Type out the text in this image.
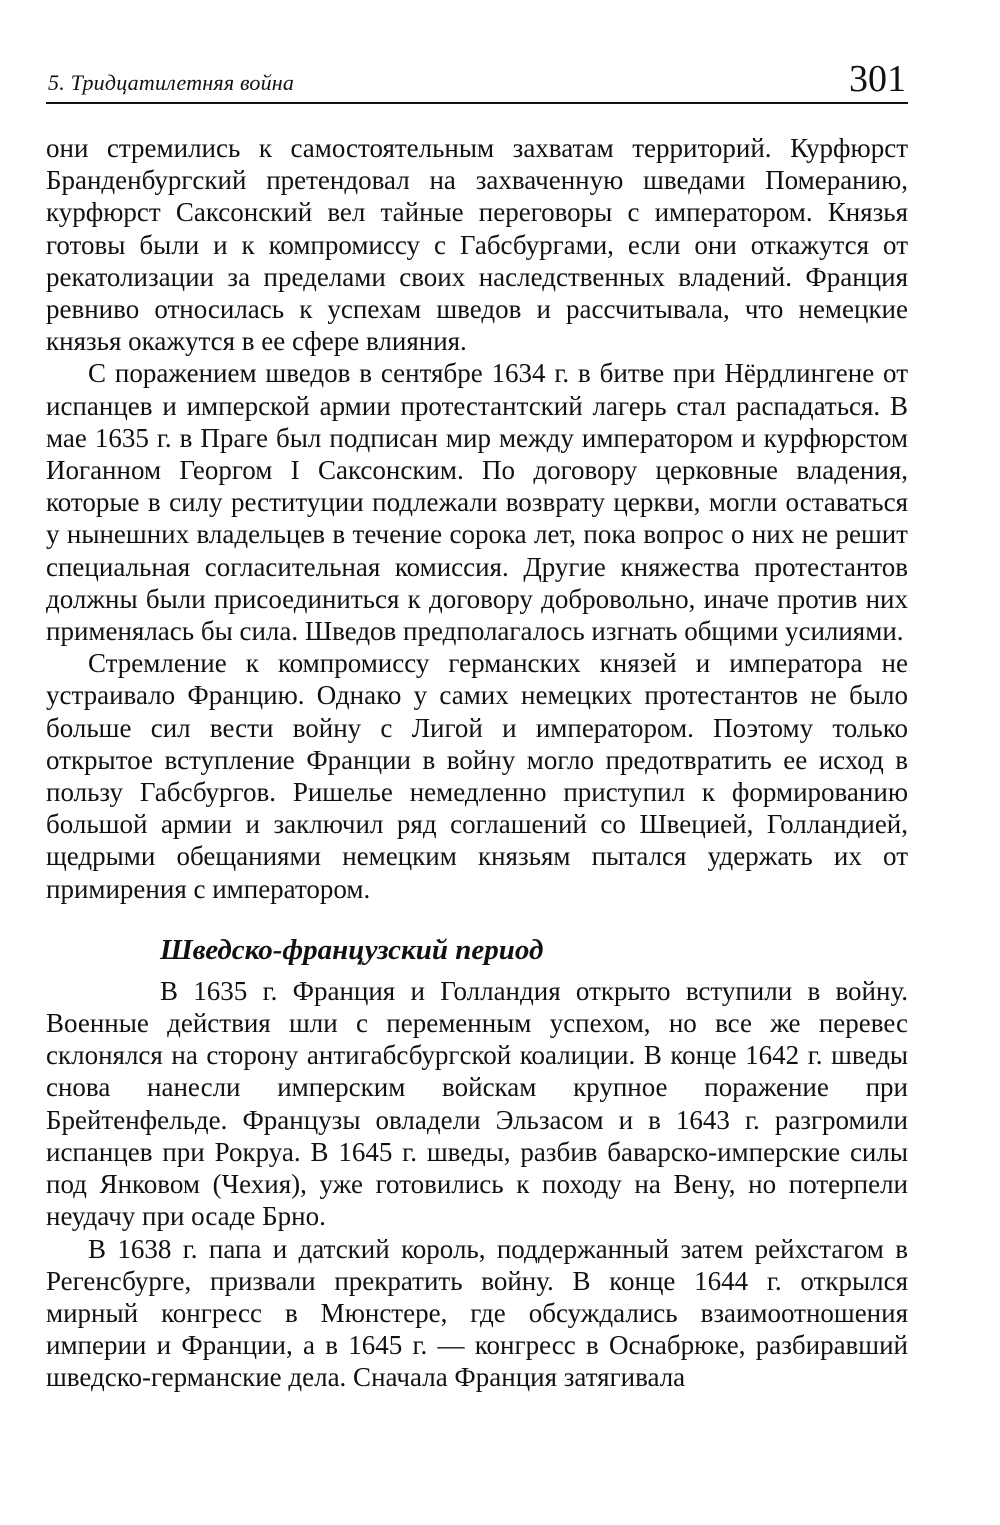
5. Тридцатилетняя война	301

они стремились к самостоятельным захватам территорий. Курфюрст Бранденбургский претендовал на захваченную шведами Померанию, курфюрст Саксонский вел тайные переговоры с императором. Князья готовы были и к компромиссу с Габсбургами, если они откажутся от рекатолизации за пределами своих наследственных владений. Франция ревниво относилась к успехам шведов и рассчитывала, что немецкие князья окажутся в ее сфере влияния.

С поражением шведов в сентябре 1634 г. в битве при Нёрдлингене от испанцев и имперской армии протестантский лагерь стал распадаться. В мае 1635 г. в Праге был подписан мир между императором и курфюрстом Иоганном Георгом I Саксонским. По договору церковные владения, которые в силу реституции подлежали возврату церкви, могли оставаться у нынешних владельцев в течение сорока лет, пока вопрос о них не решит специальная согласительная комиссия. Другие княжества протестантов должны были присоединиться к договору добровольно, иначе против них применялась бы сила. Шведов предполагалось изгнать общими усилиями.

Стремление к компромиссу германских князей и императора не устраивало Францию. Однако у самих немецких протестантов не было больше сил вести войну с Лигой и императором. Поэтому только открытое вступление Франции в войну могло предотвратить ее исход в пользу Габсбургов. Ришелье немедленно приступил к формированию большой армии и заключил ряд соглашений со Швецией, Голландией, щедрыми обещаниями немецким князьям пытался удержать их от примирения с императором.

Шведско-французский период

В 1635 г. Франция и Голландия открыто вступили в войну. Военные действия шли с переменным успехом, но все же перевес склонялся на сторону антигабсбургской коалиции. В конце 1642 г. шведы снова нанесли имперским войскам крупное поражение при Брейтенфельде. Французы овладели Эльзасом и в 1643 г. разгромили испанцев при Рокруа. В 1645 г. шведы, разбив баварско-имперские силы под Янковом (Чехия), уже готовились к походу на Вену, но потерпели неудачу при осаде Брно.

В 1638 г. папа и датский король, поддержанный затем рейхстагом в Регенсбурге, призвали прекратить войну. В конце 1644 г. открылся мирный конгресс в Мюнстере, где обсуждались взаимоотношения империи и Франции, а в 1645 г. — конгресс в Оснабрюке, разбиравший шведско-германские дела. Сначала Франция затягивала
